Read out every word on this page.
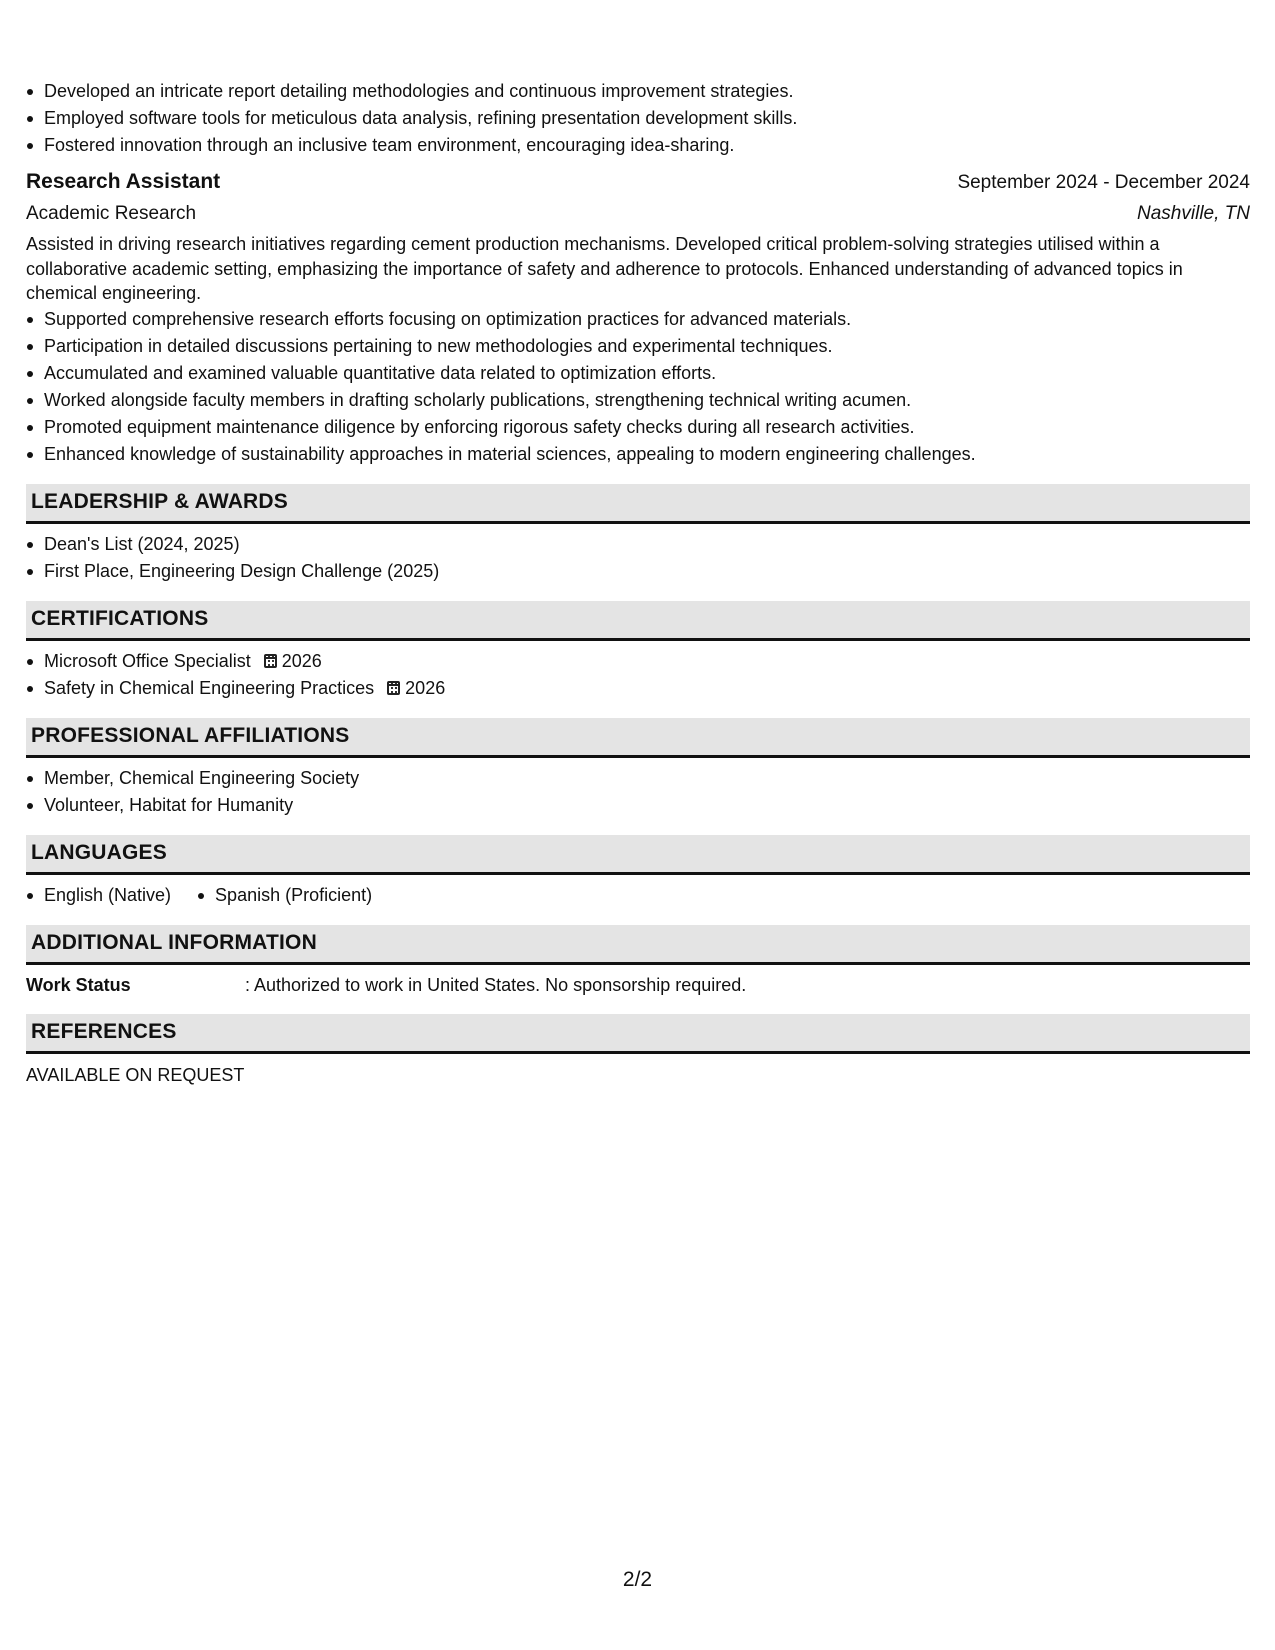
Developed an intricate report detailing methodologies and continuous improvement strategies.
Employed software tools for meticulous data analysis, refining presentation development skills.
Fostered innovation through an inclusive team environment, encouraging idea-sharing.
Research Assistant	September 2024 - December 2024
Academic Research	Nashville, TN
Assisted in driving research initiatives regarding cement production mechanisms. Developed critical problem-solving strategies utilised within a collaborative academic setting, emphasizing the importance of safety and adherence to protocols. Enhanced understanding of advanced topics in chemical engineering.
Supported comprehensive research efforts focusing on optimization practices for advanced materials.
Participation in detailed discussions pertaining to new methodologies and experimental techniques.
Accumulated and examined valuable quantitative data related to optimization efforts.
Worked alongside faculty members in drafting scholarly publications, strengthening technical writing acumen.
Promoted equipment maintenance diligence by enforcing rigorous safety checks during all research activities.
Enhanced knowledge of sustainability approaches in material sciences, appealing to modern engineering challenges.
LEADERSHIP & AWARDS
Dean's List (2024, 2025)
First Place, Engineering Design Challenge (2025)
CERTIFICATIONS
Microsoft Office Specialist 2026
Safety in Chemical Engineering Practices 2026
PROFESSIONAL AFFILIATIONS
Member, Chemical Engineering Society
Volunteer, Habitat for Humanity
LANGUAGES
English (Native) Spanish (Proficient)
ADDITIONAL INFORMATION
Work Status	: Authorized to work in United States. No sponsorship required.
REFERENCES
AVAILABLE ON REQUEST
2/2
